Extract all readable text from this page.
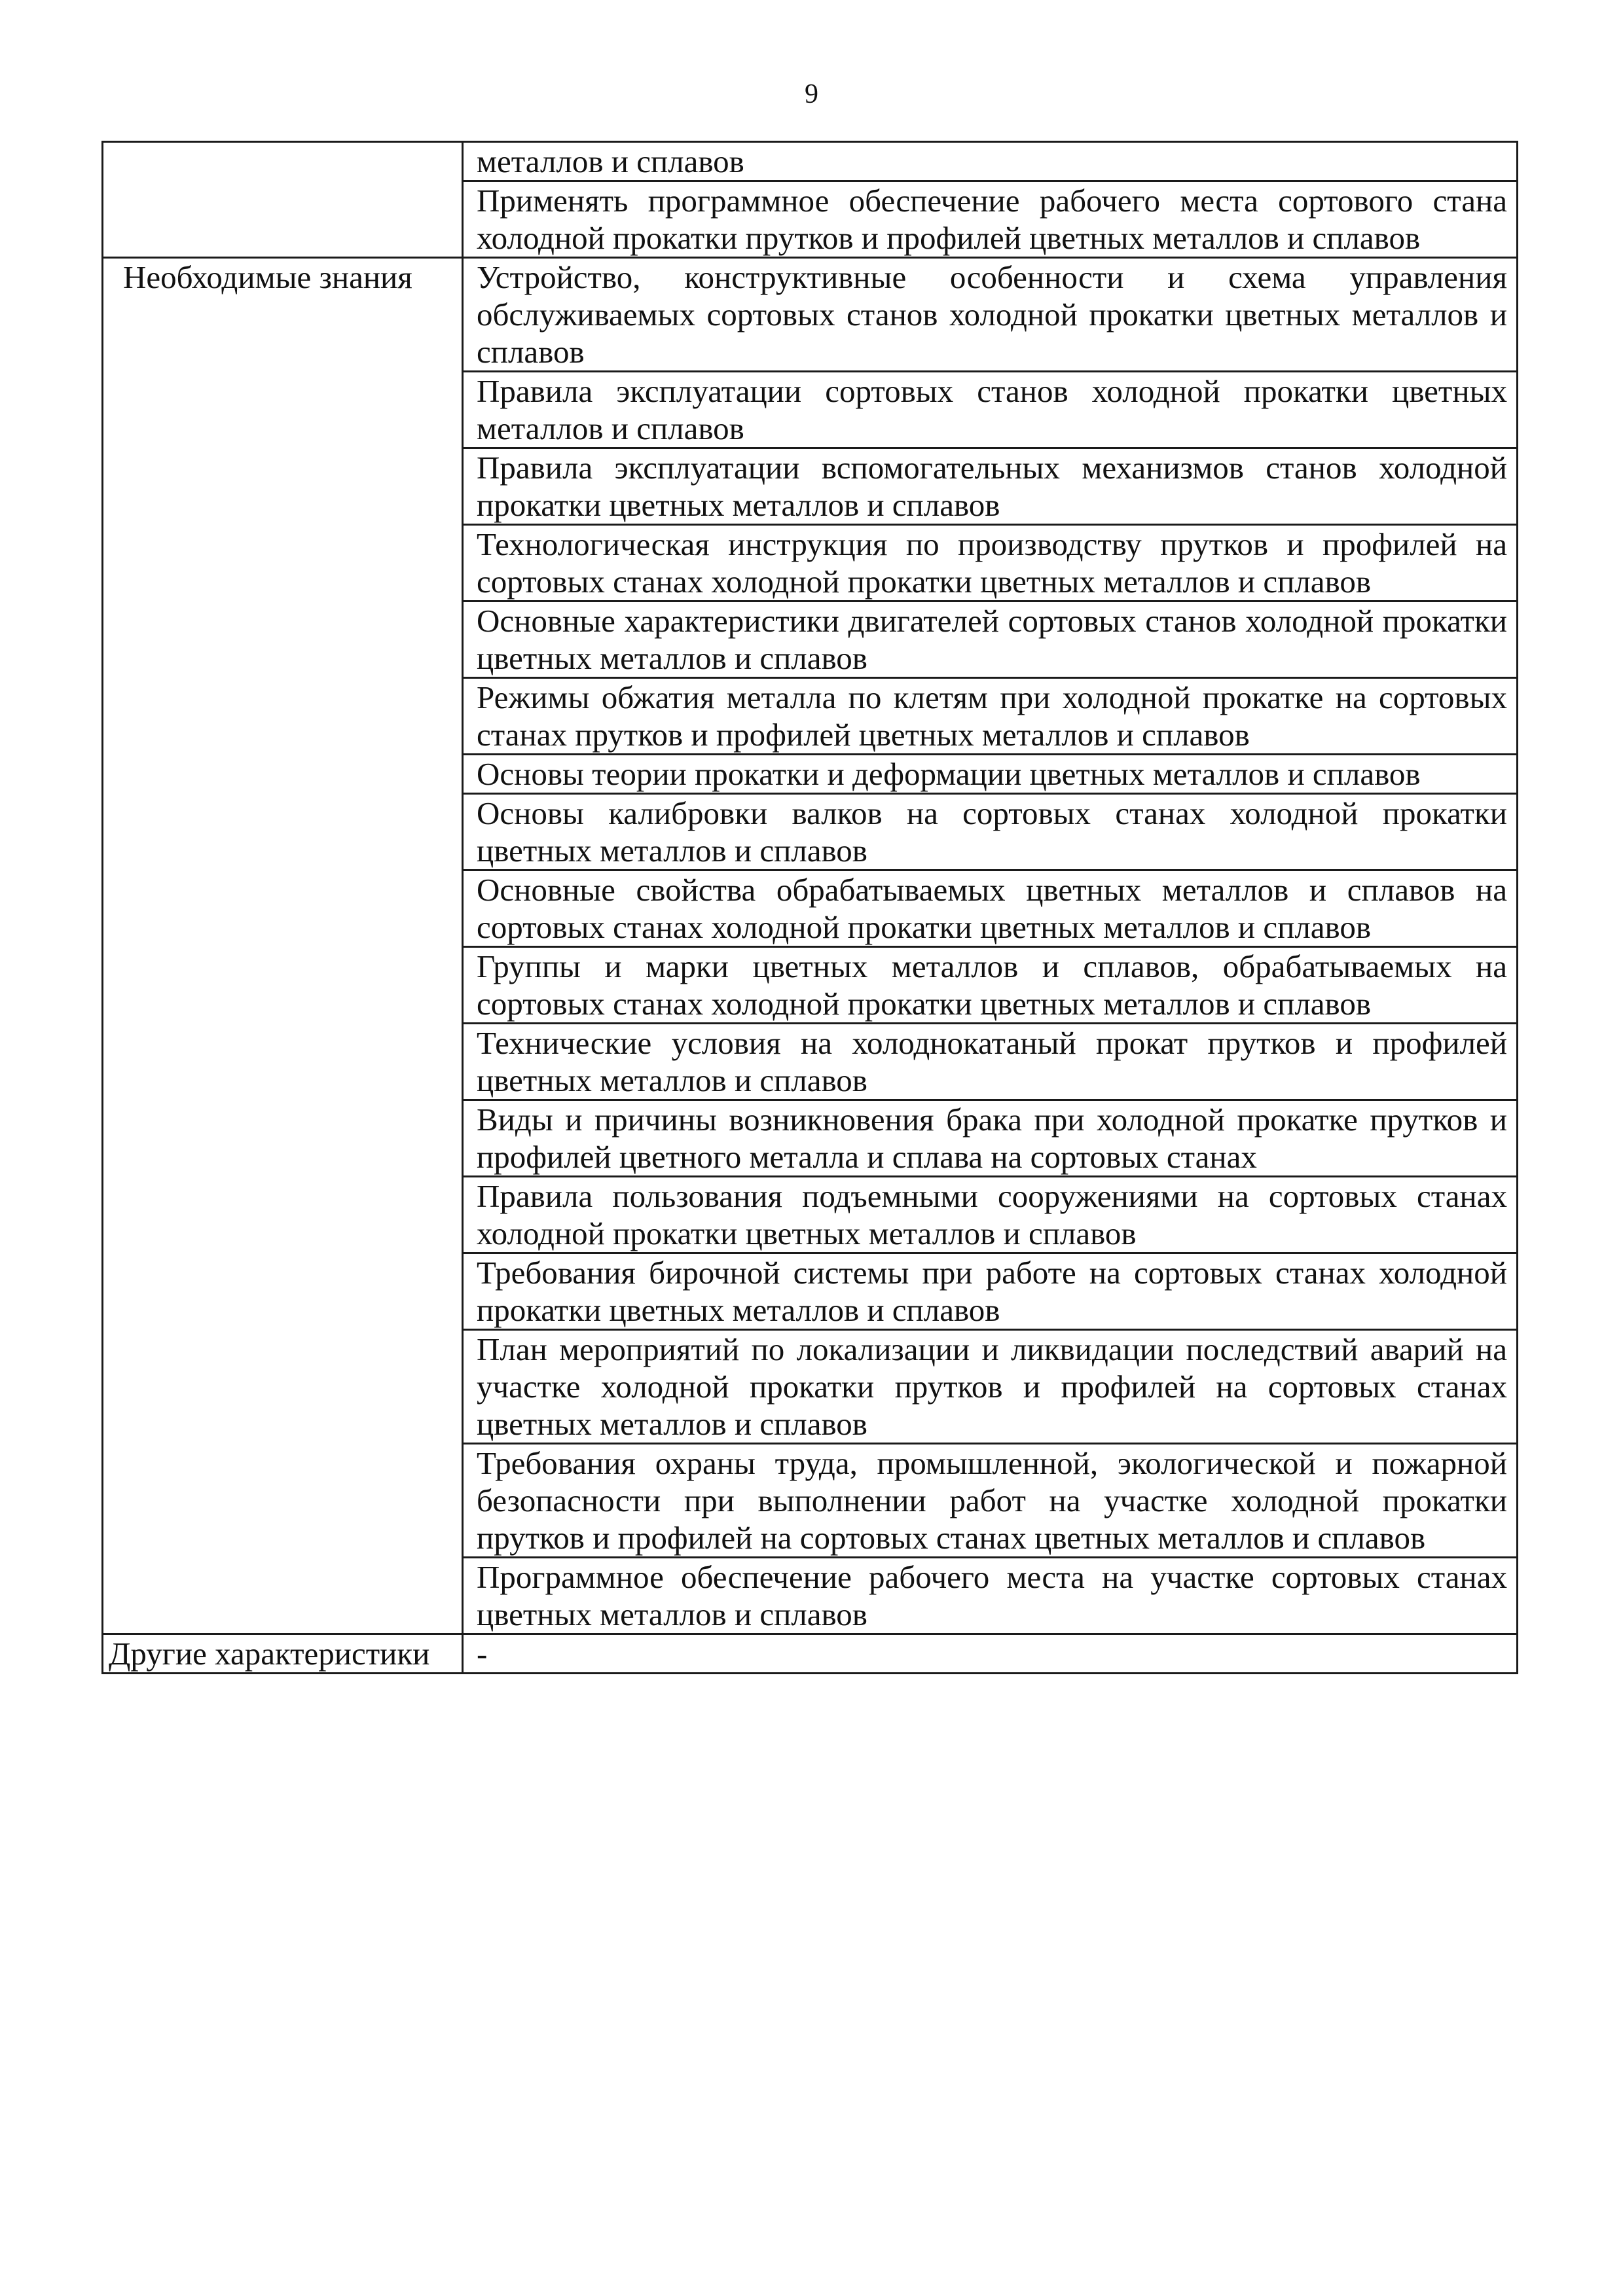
9
	металлов и сплавов
	Применять программное обеспечение рабочего места сортового стана холодной прокатки прутков и профилей цветных металлов и сплавов
Необходимые знания	Устройство, конструктивные особенности и схема управления обслуживаемых сортовых станов холодной прокатки цветных металлов и сплавов
	Правила эксплуатации сортовых станов холодной прокатки цветных металлов и сплавов
	Правила эксплуатации вспомогательных механизмов станов холодной прокатки цветных металлов и сплавов
	Технологическая инструкция по производству прутков и профилей на сортовых станах холодной прокатки цветных металлов и сплавов
	Основные характеристики двигателей сортовых станов холодной прокатки цветных металлов и сплавов
	Режимы обжатия металла по клетям при холодной прокатке на сортовых станах прутков и профилей цветных металлов и сплавов
	Основы теории прокатки и деформации цветных металлов и сплавов
	Основы калибровки валков на сортовых станах холодной прокатки цветных металлов и сплавов
	Основные свойства обрабатываемых цветных металлов и сплавов на сортовых станах холодной прокатки цветных металлов и сплавов
	Группы и марки цветных металлов и сплавов, обрабатываемых на сортовых станах холодной прокатки цветных металлов и сплавов
	Технические условия на холоднокатаный прокат прутков и профилей цветных металлов и сплавов
	Виды и причины возникновения брака при холодной прокатке прутков и профилей цветного металла и сплава на сортовых станах
	Правила пользования подъемными сооружениями на сортовых станах холодной прокатки цветных металлов и сплавов
	Требования бирочной системы при работе на сортовых станах холодной прокатки цветных металлов и сплавов
	План мероприятий по локализации и ликвидации последствий аварий на участке холодной прокатки прутков и профилей на сортовых станах цветных металлов и сплавов
	Требования охраны труда, промышленной, экологической и пожарной безопасности при выполнении работ на участке холодной прокатки прутков и профилей на сортовых станах цветных металлов и сплавов
	Программное обеспечение рабочего места на участке сортовых станах цветных металлов и сплавов
Другие характеристики	-
